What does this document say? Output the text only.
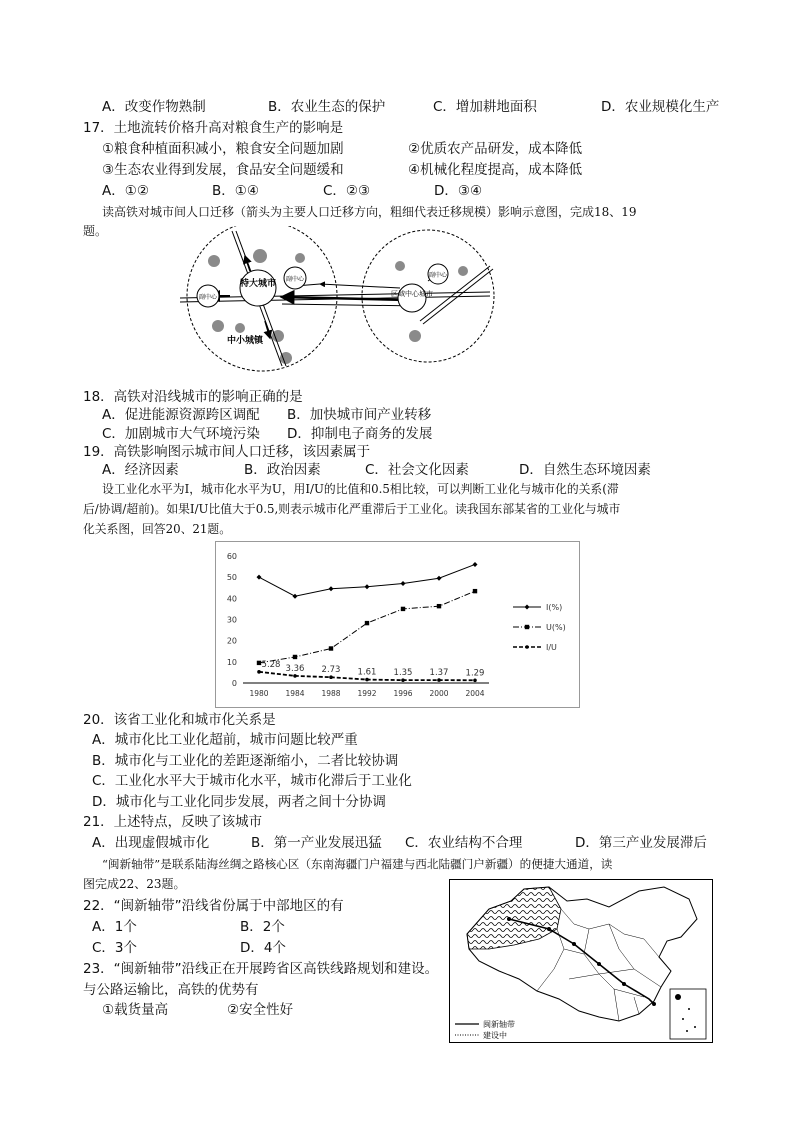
A．改变作物熟制	B．农业生态的保护	C．增加耕地面积	D．农业规模化生产
17．土地流转价格升高对粮食生产的影响是
①粮食种植面积减小，粮食安全问题加剧	②优质农产品研发，成本降低
③生态农业得到发展，食品安全问题缓和	④机械化程度提高，成本降低
A．①②	B．①④	C．②③	D．③④
读高铁对城市间人口迁移（箭头为主要人口迁移方向，粗细代表迁移规模）影响示意图，完成18、19
题。
特大城市
区域中心城市
副中心
副中心
副中心
中小城镇
18．高铁对沿线城市的影响正确的是
A．促进能源资源跨区调配 B．加快城市间产业转移
C．加剧城市大气环境污染 D．抑制电子商务的发展
19．高铁影响图示城市间人口迁移，该因素属于
A．经济因素	B．政治因素	C．社会文化因素	D．自然生态环境因素
设工业化水平为I，城市化水平为U，用I/U的比值和0.5相比较，可以判断工业化与城市化的关系(滞
后/协调/超前)。如果I/U比值大于0.5,则表示城市化严重滞后于工业化。读我国东部某省的工业化与城市
化关系图，回答20、21题。
0
10
20
30
40
50
60
1980 1984 1988 1992 1996 2000 2004
5.28 3.36 2.73 1.61 1.35 1.37 1.29
I(%)
U(%)
I/U
20．该省工业化和城市化关系是
A．城市化比工业化超前，城市问题比较严重
B．城市化与工业化的差距逐渐缩小，二者比较协调
C．工业化水平大于城市化水平，城市化滞后于工业化
D．城市化与工业化同步发展，两者之间十分协调
21．上述特点，反映了该城市
A．出现虚假城市化	B．第一产业发展迅猛 C．农业结构不合理	D．第三产业发展滞后
“闽新轴带”是联系陆海丝绸之路核心区（东南海疆门户福建与西北陆疆门户新疆）的便捷大通道，读
图完成22、23题。
22．“闽新轴带”沿线省份属于中部地区的有
A．1个	B．2个
C．3个	D．4个
23．“闽新轴带”沿线正在开展跨省区高铁线路规划和建设。
与公路运输比，高铁的优势有
①载货量高	②安全性好
闽新轴带
建设中
